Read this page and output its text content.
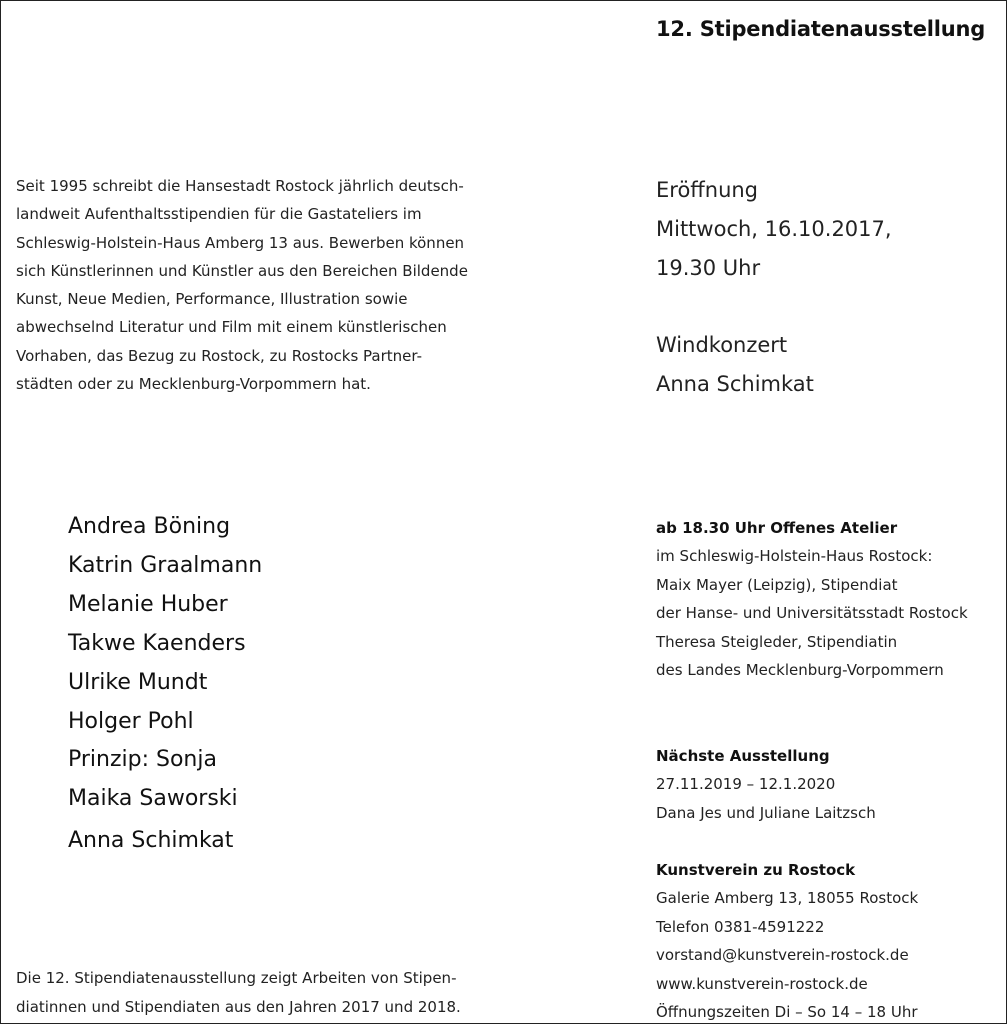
12. Stipendiatenausstellung
Seit 1995 schreibt die Hansestadt Rostock jährlich deutsch-
landweit Aufenthaltsstipendien für die Gastateliers im
Schleswig-Holstein-Haus Amberg 13 aus. Bewerben können
sich Künstlerinnen und Künstler aus den Bereichen Bildende
Kunst, Neue Medien, Performance, Illustration sowie
abwechselnd Literatur und Film mit einem künstlerischen
Vorhaben, das Bezug zu Rostock, zu Rostocks Partner-
städten oder zu Mecklenburg-Vorpommern hat.
Eröffnung
Mittwoch, 16.10.2017,
19.30 Uhr
Windkonzert
Anna Schimkat
Andrea Böning
Katrin Graalmann
Melanie Huber
Takwe Kaenders
Ulrike Mundt
Holger Pohl
Prinzip: Sonja
Maika Saworski
Anna Schimkat
ab 18.30 Uhr Offenes Atelier
im Schleswig-Holstein-Haus Rostock:
Maix Mayer (Leipzig), Stipendiat
der Hanse- und Universitätsstadt Rostock
Theresa Steigleder, Stipendiatin
des Landes Mecklenburg-Vorpommern
Nächste Ausstellung
27.11.2019 – 12.1.2020
Dana Jes und Juliane Laitzsch
Kunstverein zu Rostock
Galerie Amberg 13, 18055 Rostock
Telefon 0381-4591222
vorstand@kunstverein-rostock.de
www.kunstverein-rostock.de
Öffnungszeiten Di – So 14 – 18 Uhr
Die 12. Stipendiatenausstellung zeigt Arbeiten von Stipen-
diatinnen und Stipendiaten aus den Jahren 2017 und 2018.
